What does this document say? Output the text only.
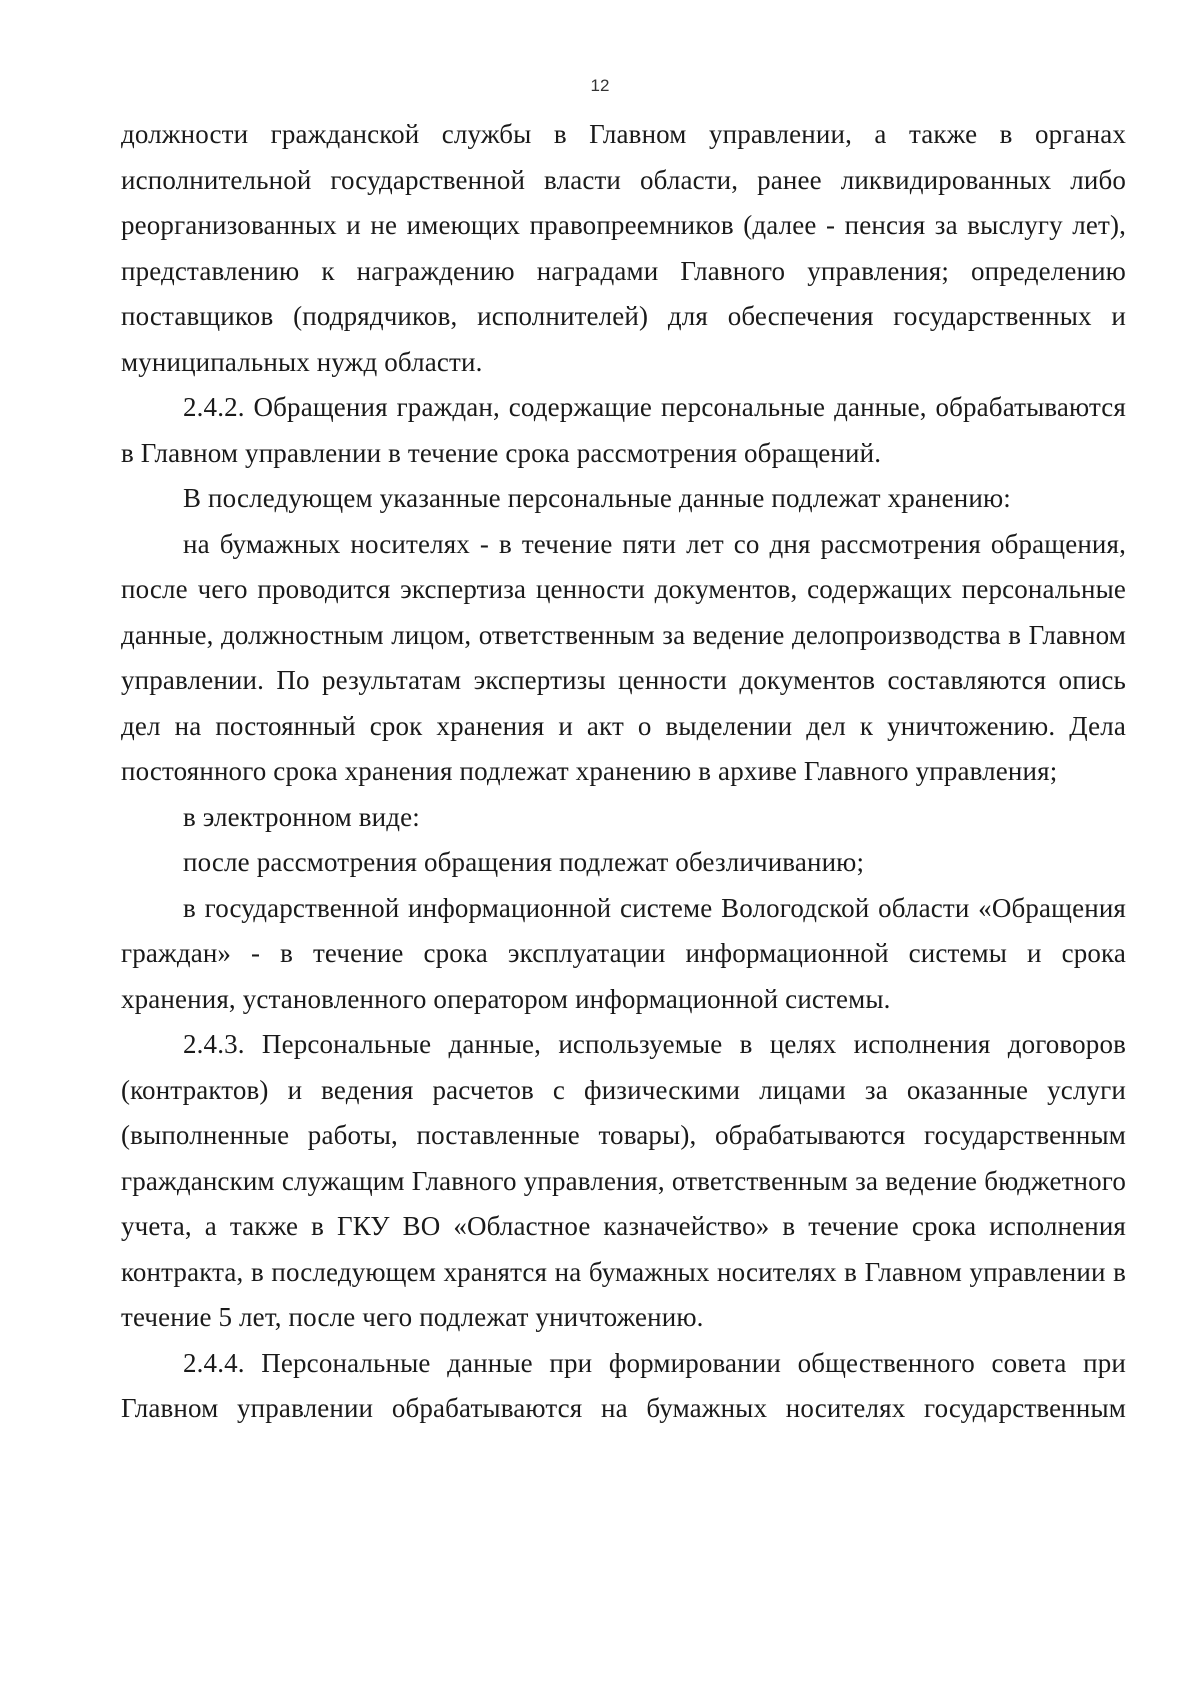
12

должности гражданской службы в Главном управлении, а также в органах исполнительной государственной власти области, ранее ликвидированных либо реорганизованных и не имеющих правопреемников (далее - пенсия за выслугу лет), представлению к награждению наградами Главного управления; определению поставщиков (подрядчиков, исполнителей) для обеспечения государственных и муниципальных нужд области.

2.4.2. Обращения граждан, содержащие персональные данные, обрабатываются в Главном управлении в течение срока рассмотрения обращений.

В последующем указанные персональные данные подлежат хранению:

на бумажных носителях - в течение пяти лет со дня рассмотрения обращения, после чего проводится экспертиза ценности документов, содержащих персональные данные, должностным лицом, ответственным за ведение делопроизводства в Главном управлении. По результатам экспертизы ценности документов составляются опись дел на постоянный срок хранения и акт о выделении дел к уничтожению. Дела постоянного срока хранения подлежат хранению в архиве Главного управления;

в электронном виде:

после рассмотрения обращения подлежат обезличиванию;

в государственной информационной системе Вологодской области «Обращения граждан» - в течение срока эксплуатации информационной системы и срока хранения, установленного оператором информационной системы.

2.4.3. Персональные данные, используемые в целях исполнения договоров (контрактов) и ведения расчетов с физическими лицами за оказанные услуги (выполненные работы, поставленные товары), обрабатываются государственным гражданским служащим Главного управления, ответственным за ведение бюджетного учета, а также в ГКУ ВО «Областное казначейство» в течение срока исполнения контракта, в последующем хранятся на бумажных носителях в Главном управлении в течение 5 лет, после чего подлежат уничтожению.

2.4.4. Персональные данные при формировании общественного совета при Главном управлении обрабатываются на бумажных носителях государственным
